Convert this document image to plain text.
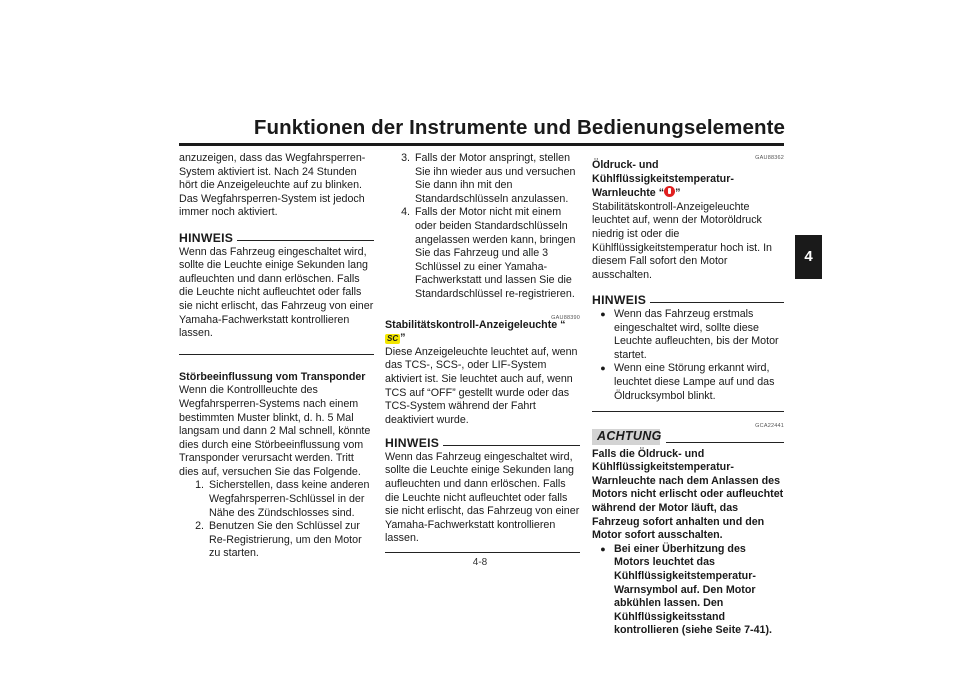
Funktionen der Instrumente und Bedienungselemente
4

anzuzeigen, dass das Wegfahrsperren-System aktiviert ist. Nach 24 Stunden hört die Anzeigeleuchte auf zu blinken. Das Wegfahrsperren-System ist jedoch immer noch aktiviert.

HINWEIS

Wenn das Fahrzeug eingeschaltet wird, sollte die Leuchte einige Sekunden lang aufleuchten und dann erlöschen. Falls die Leuchte nicht aufleuchtet oder falls sie nicht erlischt, das Fahrzeug von einer Yamaha-Fachwerkstatt kontrollieren lassen.

Störbeeinflussung vom Transponder

Wenn die Kontrollleuchte des Wegfahrsperren-Systems nach einem bestimmten Muster blinkt, d. h. 5 Mal langsam und dann 2 Mal schnell, könnte dies durch eine Störbeeinflussung vom Transponder verursacht werden. Tritt dies auf, versuchen Sie das Folgende.

1. Sicherstellen, dass keine anderen Wegfahrsperren-Schlüssel in der Nähe des Zündschlosses sind.
2. Benutzen Sie den Schlüssel zur Re-Registrierung, um den Motor zu starten.
3. Falls der Motor anspringt, stellen Sie ihn wieder aus und versuchen Sie dann ihn mit den Standardschlüsseln anzulassen.
4. Falls der Motor nicht mit einem oder beiden Standardschlüsseln angelassen werden kann, bringen Sie das Fahrzeug und alle 3 Schlüssel zu einer Yamaha-Fachwerkstatt und lassen Sie die Standardschlüssel re-registrieren.
GAU88390

Stabilitätskontroll-Anzeigeleuchte “SC ”

Diese Anzeigeleuchte leuchtet auf, wenn das TCS-, SCS-, oder LIF-System aktiviert ist. Sie leuchtet auch auf, wenn TCS auf “OFF” gestellt wurde oder das TCS-System während der Fahrt deaktiviert wurde.

HINWEIS

Wenn das Fahrzeug eingeschaltet wird, sollte die Leuchte einige Sekunden lang aufleuchten und dann erlöschen. Falls die Leuchte nicht aufleuchtet oder falls sie nicht erlischt, das Fahrzeug von einer Yamaha-Fachwerkstatt kontrollieren lassen.

GAU88362

Öldruck- und Kühlflüssigkeitstemperatur-Warnleuchte “ ”

Stabilitätskontroll-Anzeigeleuchte leuchtet auf, wenn der Motoröldruck niedrig ist oder die Kühlflüssigkeitstemperatur hoch ist. In diesem Fall sofort den Motor ausschalten.

HINWEIS
● Wenn das Fahrzeug erstmals eingeschaltet wird, sollte diese Leuchte aufleuchten, bis der Motor startet.
● Wenn eine Störung erkannt wird, leuchtet diese Lampe auf und das Öldrucksymbol blinkt.
GCA22441
ACHTUNG

Falls die Öldruck- und Kühlflüssigkeitstemperatur-Warnleuchte nach dem Anlassen des Motors nicht erlischt oder aufleuchtet während der Motor läuft, das Fahrzeug sofort anhalten und den Motor sofort ausschalten.

● Bei einer Überhitzung des Motors leuchtet das Kühlflüssigkeitstemperatur-Warnsymbol auf. Den Motor abkühlen lassen. Den Kühlflüssigkeitsstand kontrollieren (siehe Seite 7-41).
4-8
